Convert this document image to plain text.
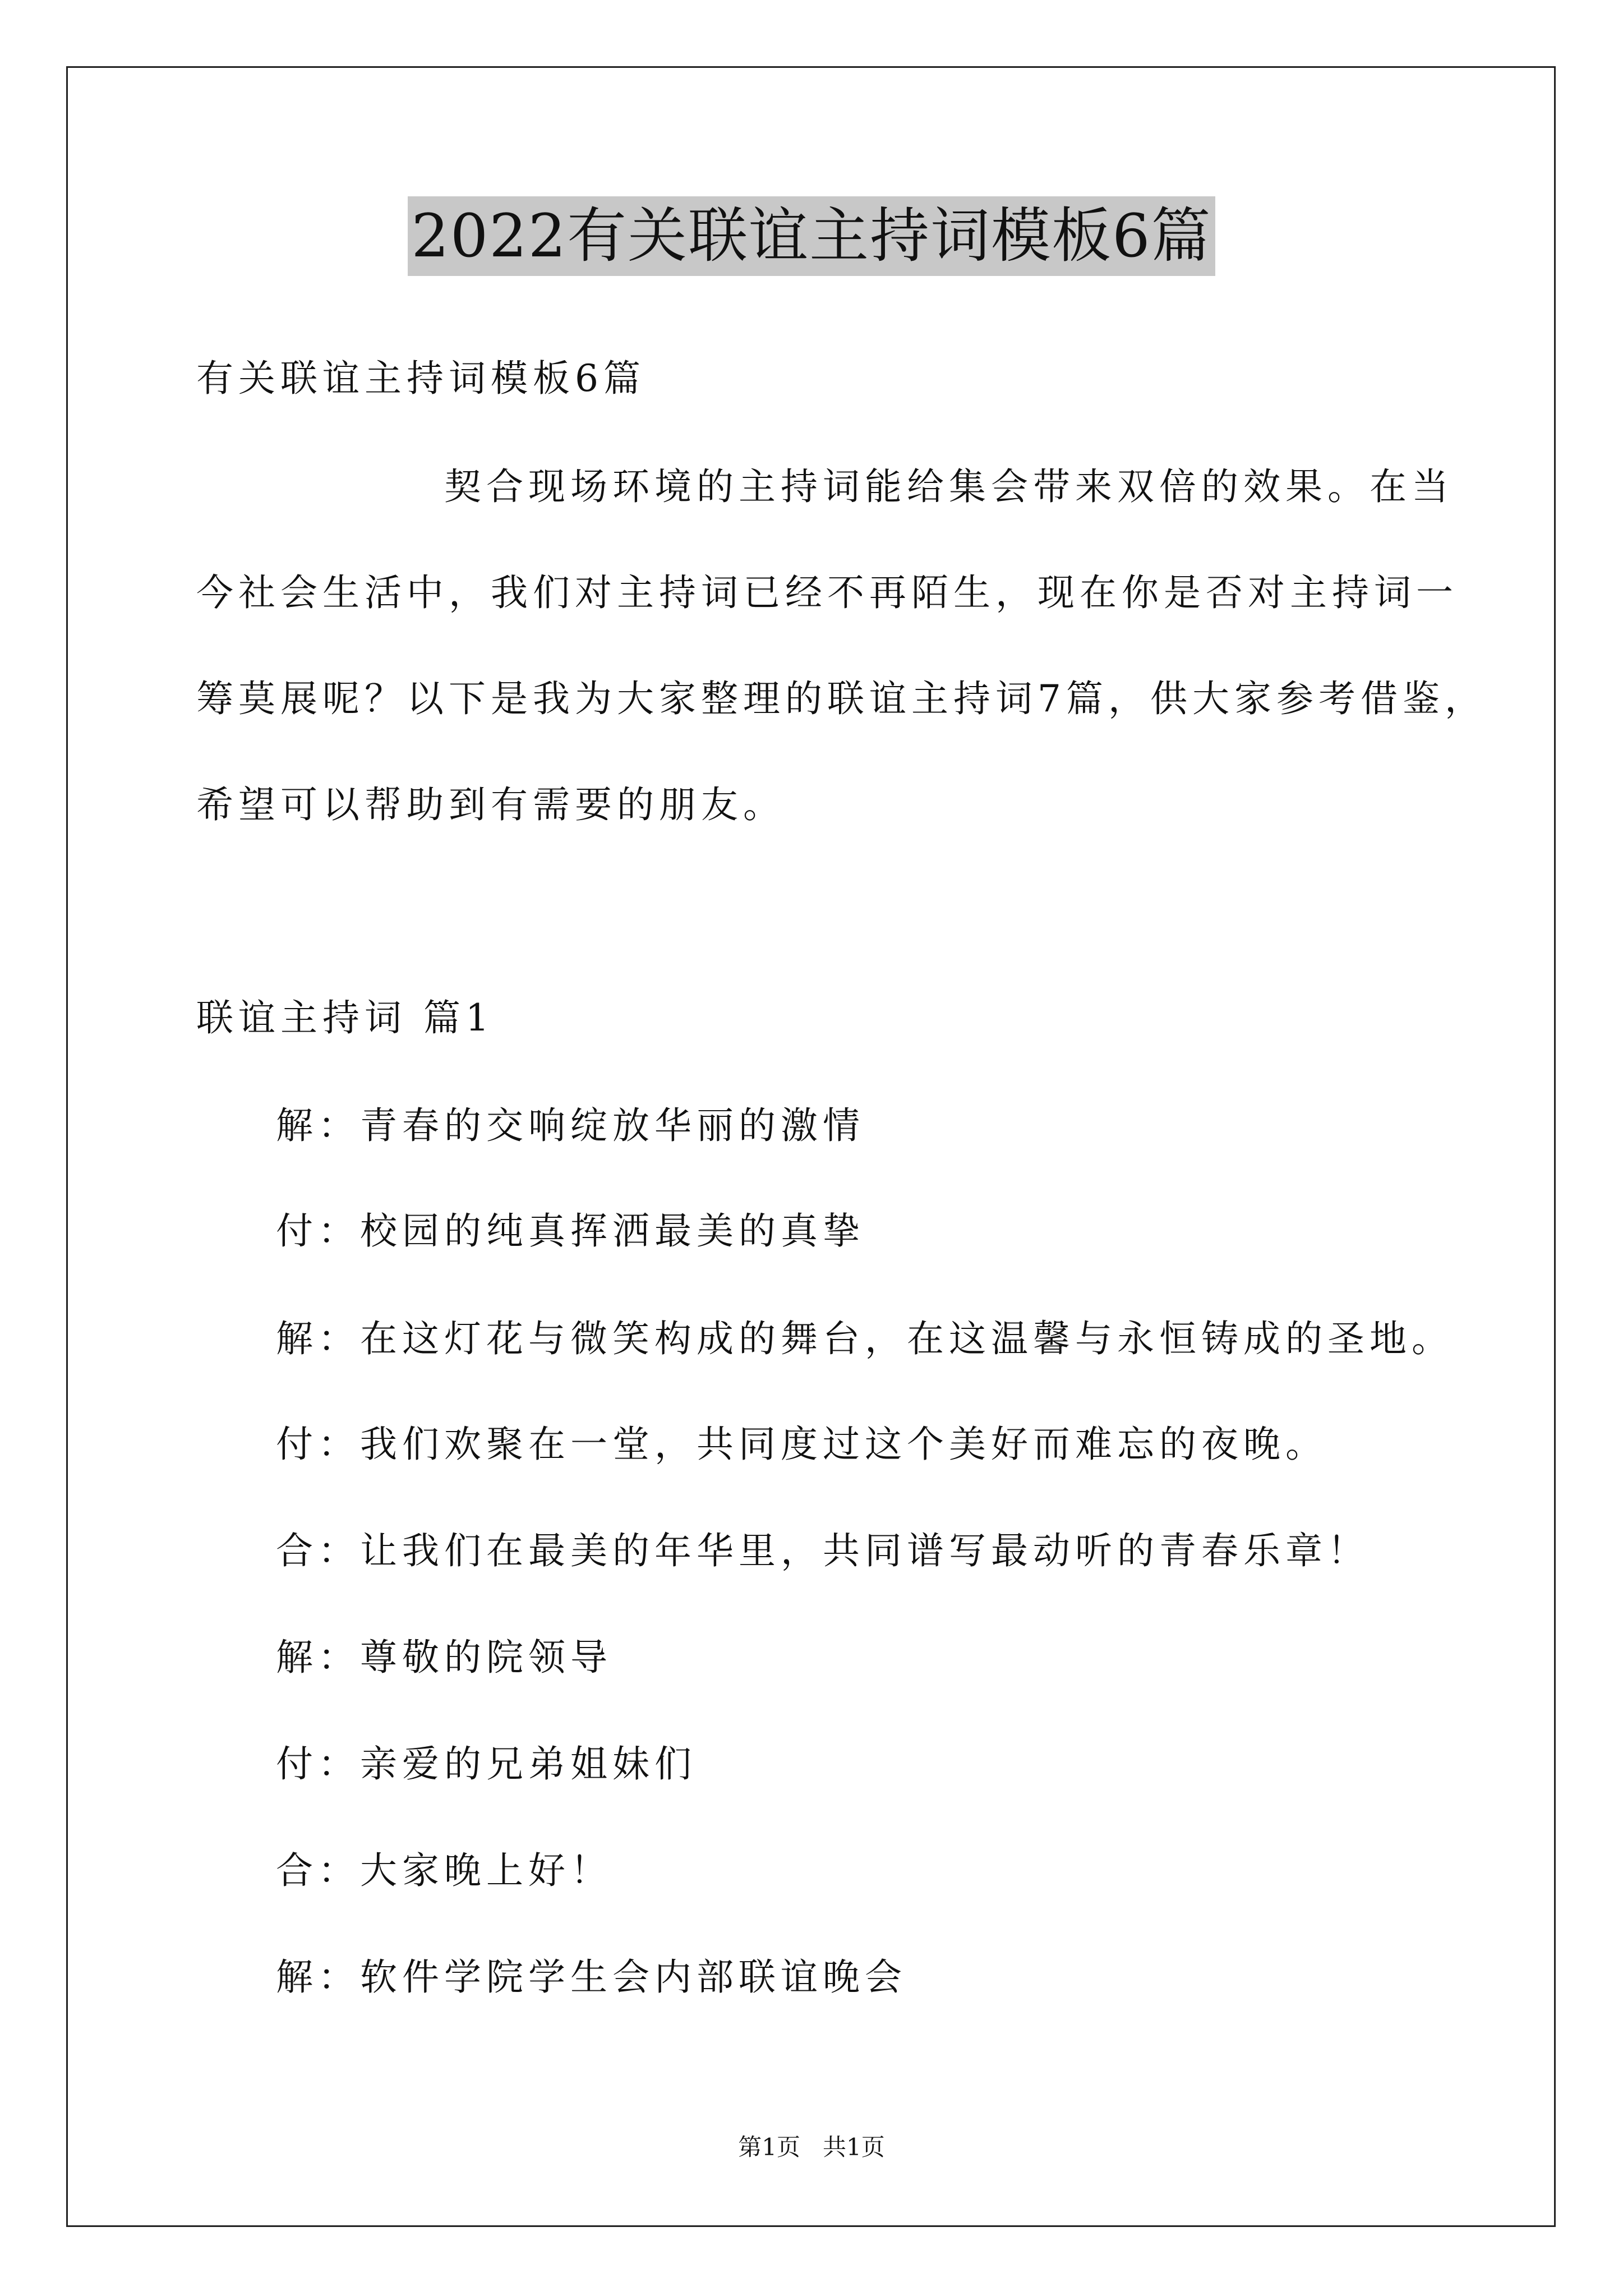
2022有关联谊主持词模板6篇
有关联谊主持词模板6篇
契合现场环境的主持词能给集会带来双倍的效果。在当
今社会生活中，我们对主持词已经不再陌生，现在你是否对主持词一
筹莫展呢？以下是我为大家整理的联谊主持词7篇，供大家参考借鉴，
希望可以帮助到有需要的朋友。
联谊主持词 篇1
解：青春的交响绽放华丽的激情
付：校园的纯真挥洒最美的真挚
解：在这灯花与微笑构成的舞台，在这温馨与永恒铸成的圣地。
付：我们欢聚在一堂，共同度过这个美好而难忘的夜晚。
合：让我们在最美的年华里，共同谱写最动听的青春乐章！
解：尊敬的院领导
付：亲爱的兄弟姐妹们
合：大家晚上好！
解：软件学院学生会内部联谊晚会
第1页   共1页
